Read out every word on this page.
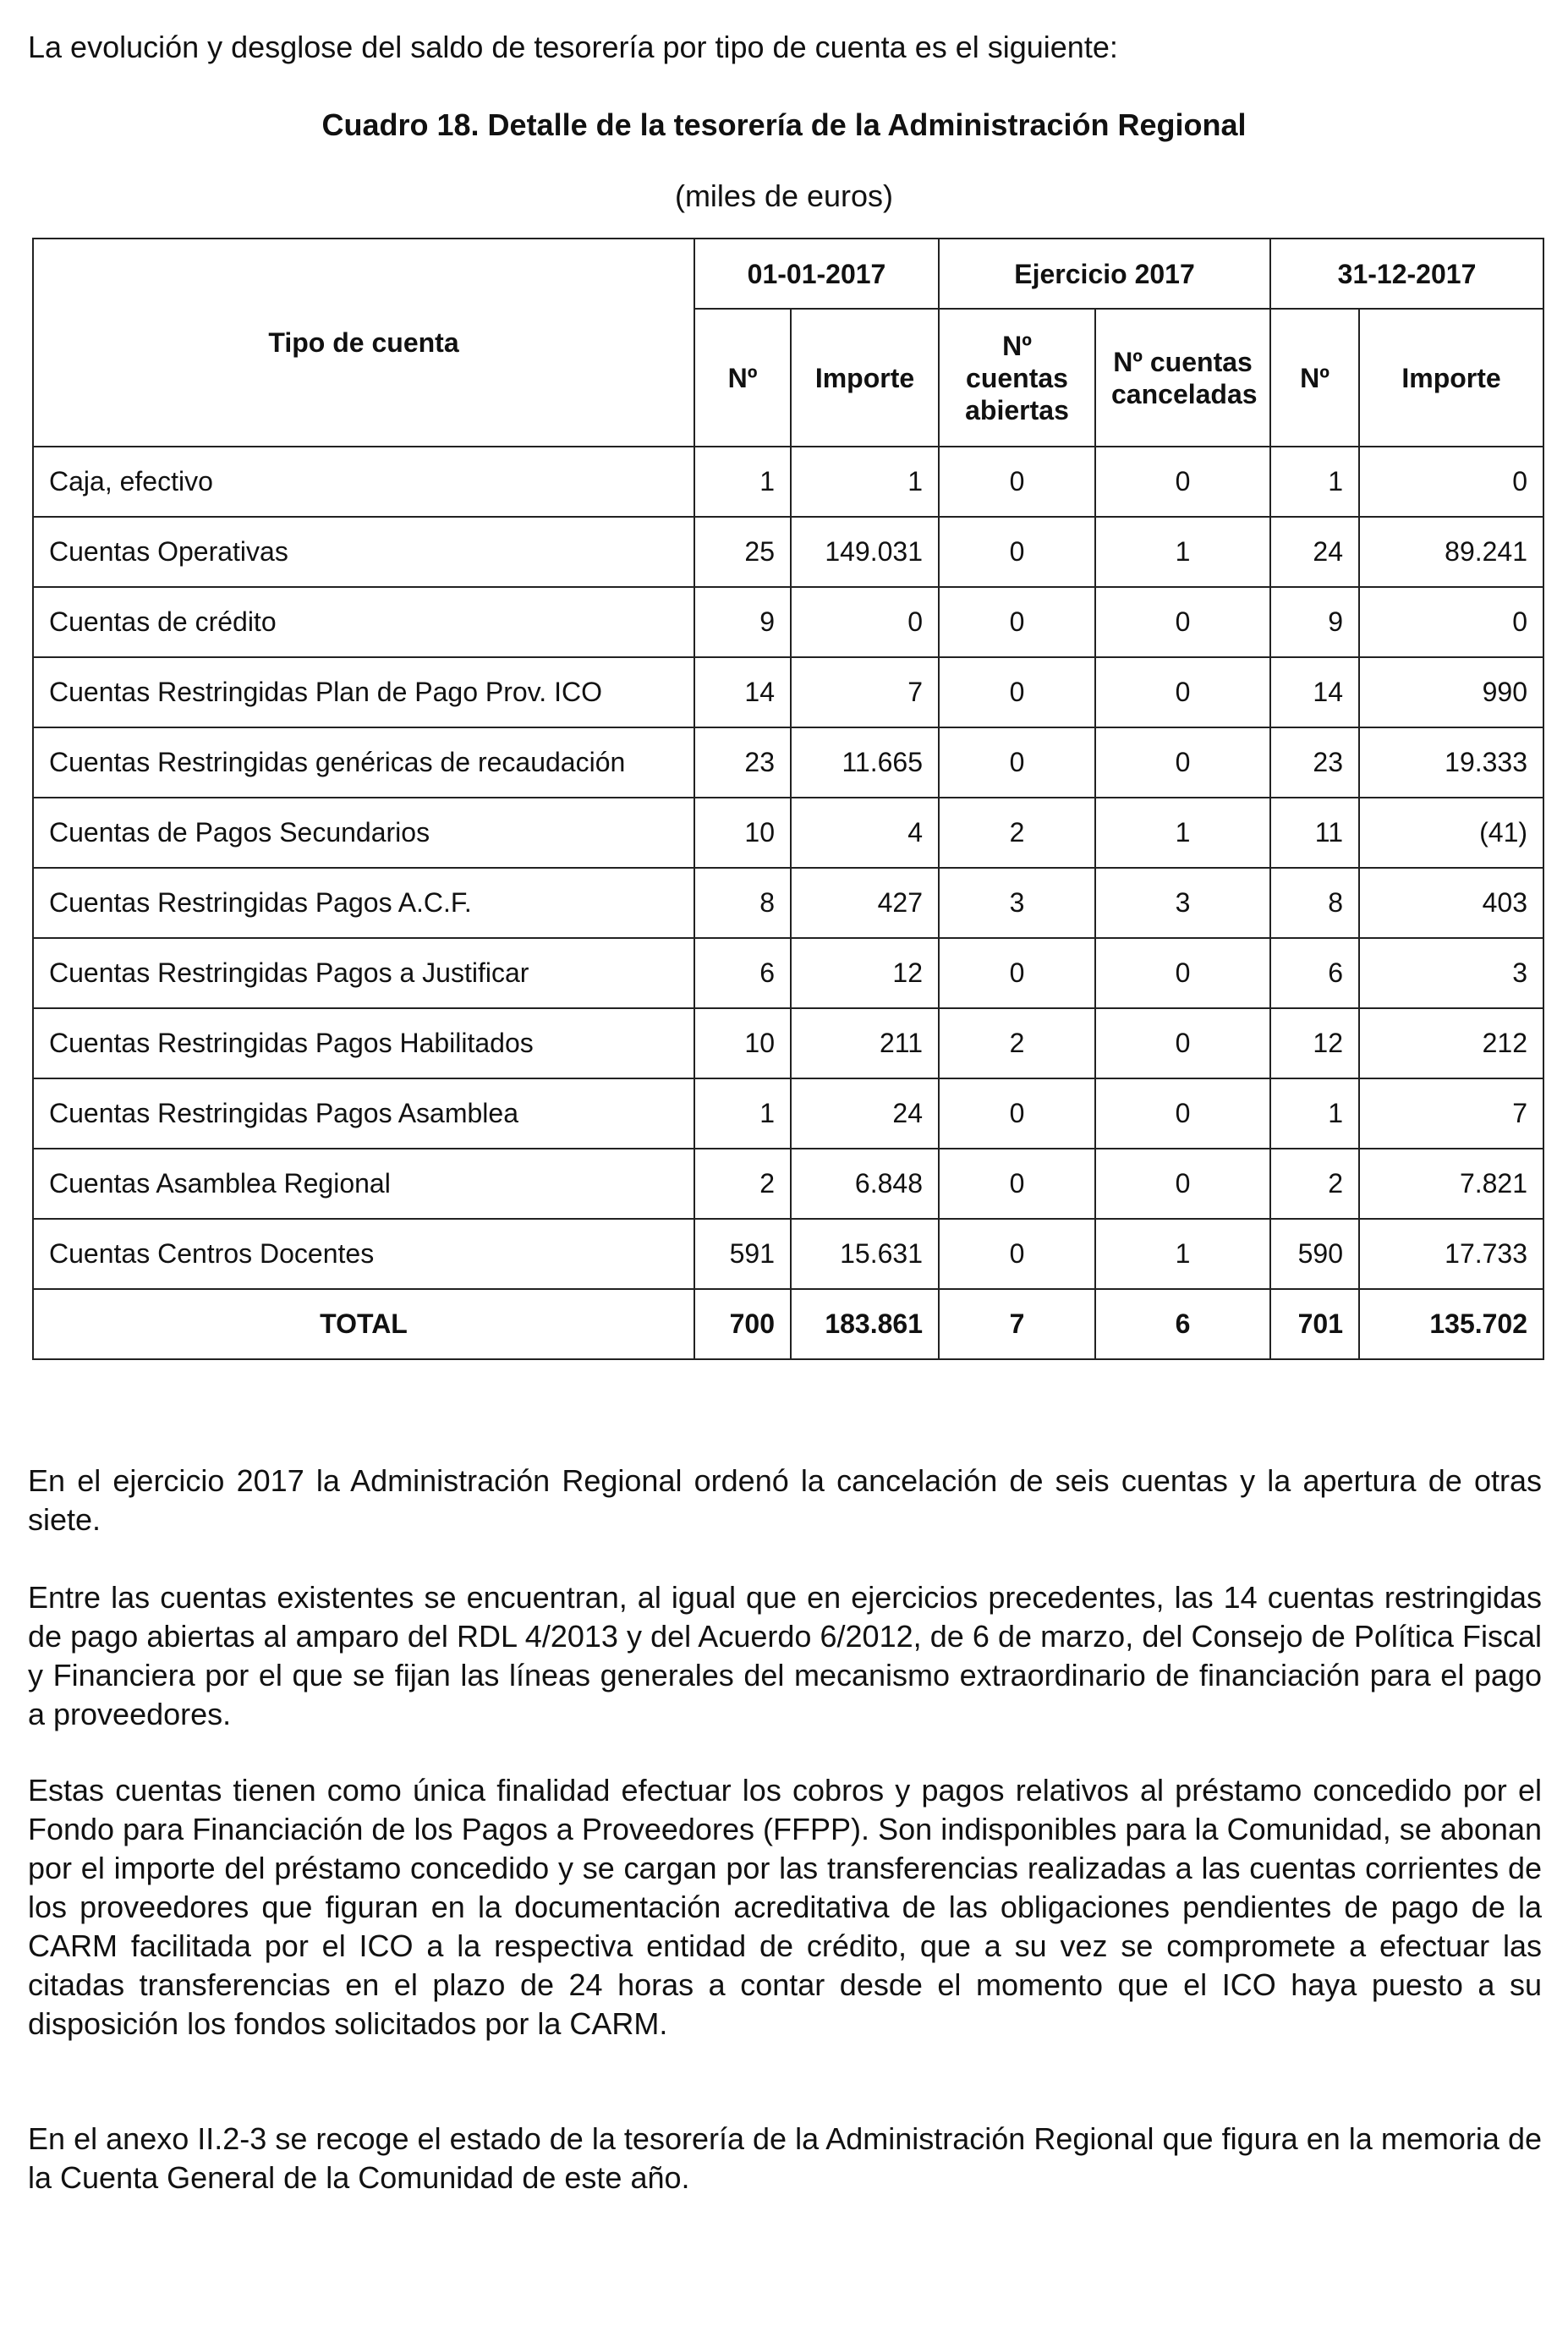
La evolución y desglose del saldo de tesorería por tipo de cuenta es el siguiente:

Cuadro 18. Detalle de la tesorería de la Administración Regional

(miles de euros)

Tipo de cuenta	01-01-2017		Ejercicio 2017		31-12-2017	
	Nº	Importe	Nº cuentas abiertas	Nº cuentas canceladas	Nº	Importe
Caja, efectivo	1	1	0	0	1	0
Cuentas Operativas	25	149.031	0	1	24	89.241
Cuentas de crédito	9	0	0	0	9	0
Cuentas Restringidas Plan de Pago Prov. ICO	14	7	0	0	14	990
Cuentas Restringidas genéricas de recaudación	23	11.665	0	0	23	19.333
Cuentas de Pagos Secundarios	10	4	2	1	11	(41)
Cuentas Restringidas Pagos A.C.F.	8	427	3	3	8	403
Cuentas Restringidas Pagos a Justificar	6	12	0	0	6	3
Cuentas Restringidas Pagos Habilitados	10	211	2	0	12	212
Cuentas Restringidas Pagos Asamblea	1	24	0	0	1	7
Cuentas Asamblea Regional	2	6.848	0	0	2	7.821
Cuentas Centros Docentes	591	15.631	0	1	590	17.733
TOTAL	700	183.861	7	6	701	135.702

En el ejercicio 2017 la Administración Regional ordenó la cancelación de seis cuentas y la apertura de otras siete.

Entre las cuentas existentes se encuentran, al igual que en ejercicios precedentes, las 14 cuentas restringidas de pago abiertas al amparo del RDL 4/2013 y del Acuerdo 6/2012, de 6 de marzo, del Consejo de Política Fiscal y Financiera por el que se fijan las líneas generales del mecanismo extraordinario de financiación para el pago a proveedores.

Estas cuentas tienen como única finalidad efectuar los cobros y pagos relativos al préstamo concedido por el Fondo para Financiación de los Pagos a Proveedores (FFPP). Son indisponibles para la Comunidad, se abonan por el importe del préstamo concedido y se cargan por las transferencias realizadas a las cuentas corrientes de los proveedores que figuran en la documentación acreditativa de las obligaciones pendientes de pago de la CARM facilitada por el ICO a la respectiva entidad de crédito, que a su vez se compromete a efectuar las citadas transferencias en el plazo de 24 horas a contar desde el momento que el ICO haya puesto a su disposición los fondos solicitados por la CARM.

En el anexo II.2-3 se recoge el estado de la tesorería de la Administración Regional que figura en la memoria de la Cuenta General de la Comunidad de este año.
